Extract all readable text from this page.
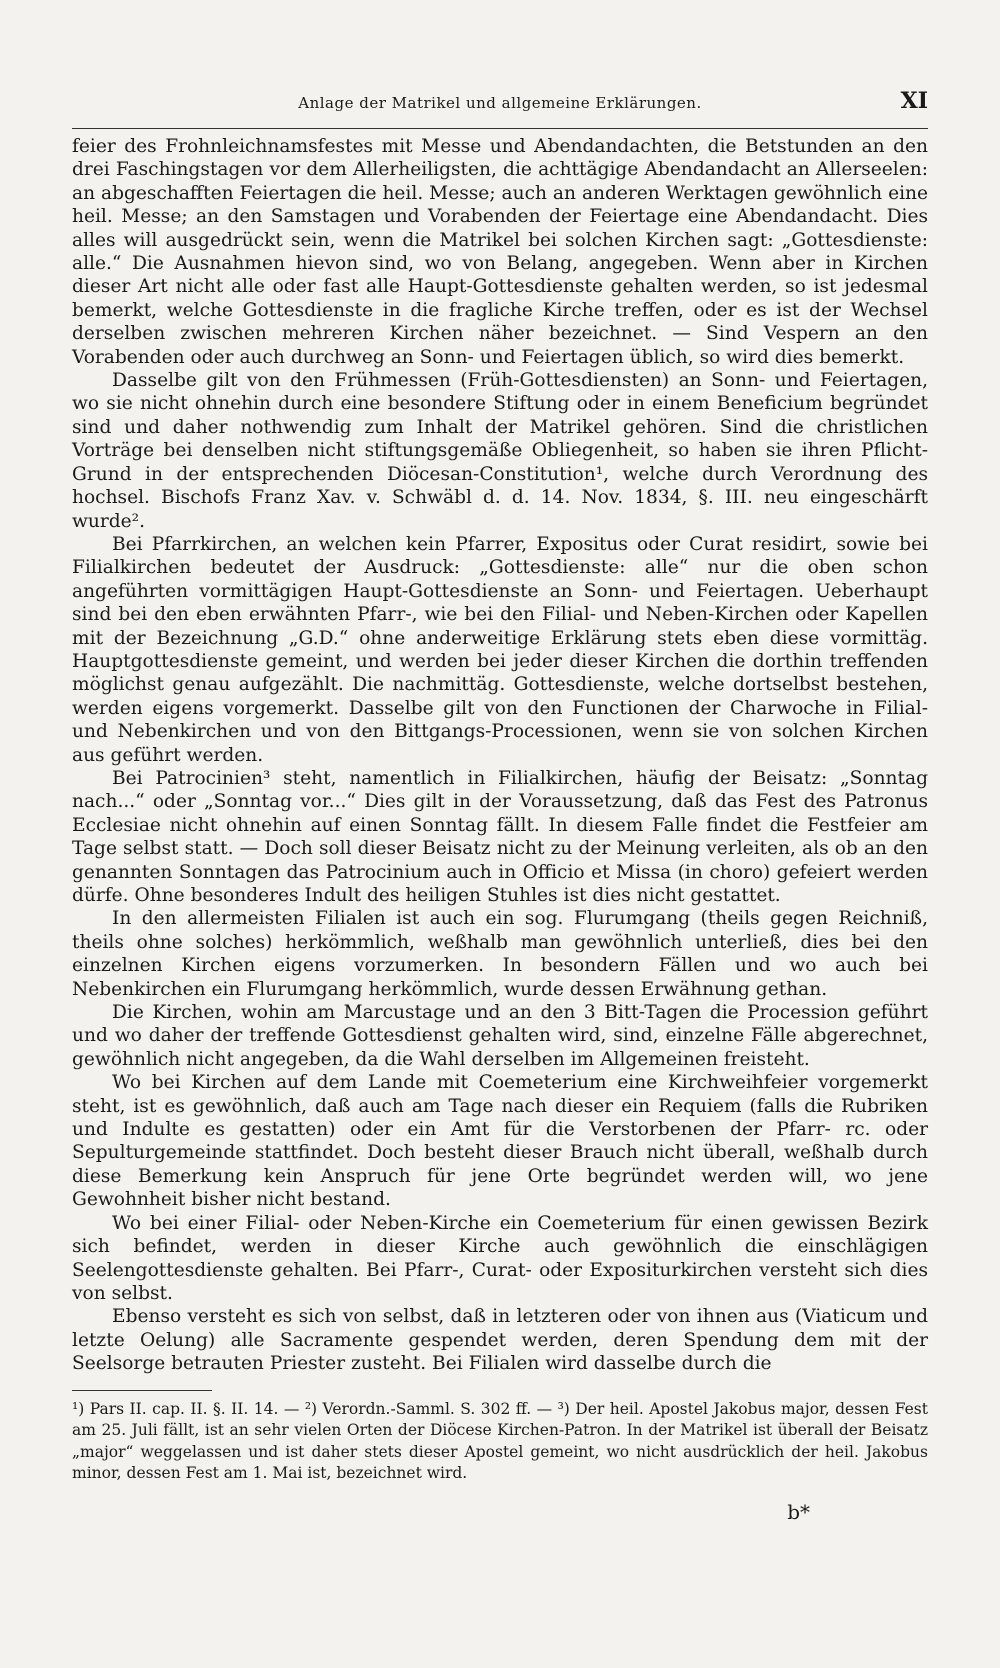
Anlage der Matrikel und allgemeine Erklärungen.	XI

feier des Frohnleichnamsfestes mit Messe und Abendandachten, die Betstunden an den drei Faschingstagen vor dem Allerheiligsten, die achttägige Abendandacht an Allerseelen: an abgeschafften Feiertagen die heil. Messe; auch an anderen Werktagen gewöhnlich eine heil. Messe; an den Samstagen und Vorabenden der Feiertage eine Abendandacht. Dies alles will ausgedrückt sein, wenn die Matrikel bei solchen Kirchen sagt: „Gottesdienste: alle.“ Die Ausnahmen hievon sind, wo von Belang, angegeben. Wenn aber in Kirchen dieser Art nicht alle oder fast alle Haupt-Gottesdienste gehalten werden, so ist jedesmal bemerkt, welche Gottesdienste in die fragliche Kirche treffen, oder es ist der Wechsel derselben zwischen mehreren Kirchen näher bezeichnet. — Sind Vespern an den Vorabenden oder auch durchweg an Sonn- und Feiertagen üblich, so wird dies bemerkt.

Dasselbe gilt von den Frühmessen (Früh-Gottesdiensten) an Sonn- und Feiertagen, wo sie nicht ohnehin durch eine besondere Stiftung oder in einem Beneficium begründet sind und daher nothwendig zum Inhalt der Matrikel gehören. Sind die christlichen Vorträge bei denselben nicht stiftungsgemäße Obliegenheit, so haben sie ihren Pflicht-Grund in der entsprechenden Diöcesan-Constitution¹, welche durch Verordnung des hochsel. Bischofs Franz Xav. v. Schwäbl d. d. 14. Nov. 1834, §. III. neu eingeschärft wurde².

Bei Pfarrkirchen, an welchen kein Pfarrer, Expositus oder Curat residirt, sowie bei Filialkirchen bedeutet der Ausdruck: „Gottesdienste: alle“ nur die oben schon angeführten vormittägigen Haupt-Gottesdienste an Sonn- und Feiertagen. Ueberhaupt sind bei den eben erwähnten Pfarr-, wie bei den Filial- und Neben-Kirchen oder Kapellen mit der Bezeichnung „G.D.“ ohne anderweitige Erklärung stets eben diese vormittäg. Hauptgottesdienste gemeint, und werden bei jeder dieser Kirchen die dorthin treffenden möglichst genau aufgezählt. Die nachmittäg. Gottesdienste, welche dortselbst bestehen, werden eigens vorgemerkt. Dasselbe gilt von den Functionen der Charwoche in Filial- und Nebenkirchen und von den Bittgangs-Processionen, wenn sie von solchen Kirchen aus geführt werden.

Bei Patrocinien³ steht, namentlich in Filialkirchen, häufig der Beisatz: „Sonntag nach...“ oder „Sonntag vor...“ Dies gilt in der Voraussetzung, daß das Fest des Patronus Ecclesiae nicht ohnehin auf einen Sonntag fällt. In diesem Falle findet die Festfeier am Tage selbst statt. — Doch soll dieser Beisatz nicht zu der Meinung verleiten, als ob an den genannten Sonntagen das Patrocinium auch in Officio et Missa (in choro) gefeiert werden dürfe. Ohne besonderes Indult des heiligen Stuhles ist dies nicht gestattet.

In den allermeisten Filialen ist auch ein sog. Flurumgang (theils gegen Reichniß, theils ohne solches) herkömmlich, weßhalb man gewöhnlich unterließ, dies bei den einzelnen Kirchen eigens vorzumerken. In besondern Fällen und wo auch bei Nebenkirchen ein Flurumgang herkömmlich, wurde dessen Erwähnung gethan.

Die Kirchen, wohin am Marcustage und an den 3 Bitt-Tagen die Procession geführt und wo daher der treffende Gottesdienst gehalten wird, sind, einzelne Fälle abgerechnet, gewöhnlich nicht angegeben, da die Wahl derselben im Allgemeinen freisteht.

Wo bei Kirchen auf dem Lande mit Coemeterium eine Kirchweihfeier vorgemerkt steht, ist es gewöhnlich, daß auch am Tage nach dieser ein Requiem (falls die Rubriken und Indulte es gestatten) oder ein Amt für die Verstorbenen der Pfarr- rc. oder Sepulturgemeinde stattfindet. Doch besteht dieser Brauch nicht überall, weßhalb durch diese Bemerkung kein Anspruch für jene Orte begründet werden will, wo jene Gewohnheit bisher nicht bestand.

Wo bei einer Filial- oder Neben-Kirche ein Coemeterium für einen gewissen Bezirk sich befindet, werden in dieser Kirche auch gewöhnlich die einschlägigen Seelengottesdienste gehalten. Bei Pfarr-, Curat- oder Expositurkirchen versteht sich dies von selbst.

Ebenso versteht es sich von selbst, daß in letzteren oder von ihnen aus (Viaticum und letzte Oelung) alle Sacramente gespendet werden, deren Spendung dem mit der Seelsorge betrauten Priester zusteht. Bei Filialen wird dasselbe durch die

¹) Pars II. cap. II. §. II. 14. — ²) Verordn.-Samml. S. 302 ff. — ³) Der heil. Apostel Jakobus major, dessen Fest am 25. Juli fällt, ist an sehr vielen Orten der Diöcese Kirchen-Patron. In der Matrikel ist überall der Beisatz „major“ weggelassen und ist daher stets dieser Apostel gemeint, wo nicht ausdrücklich der heil. Jakobus minor, dessen Fest am 1. Mai ist, bezeichnet wird.

b*
